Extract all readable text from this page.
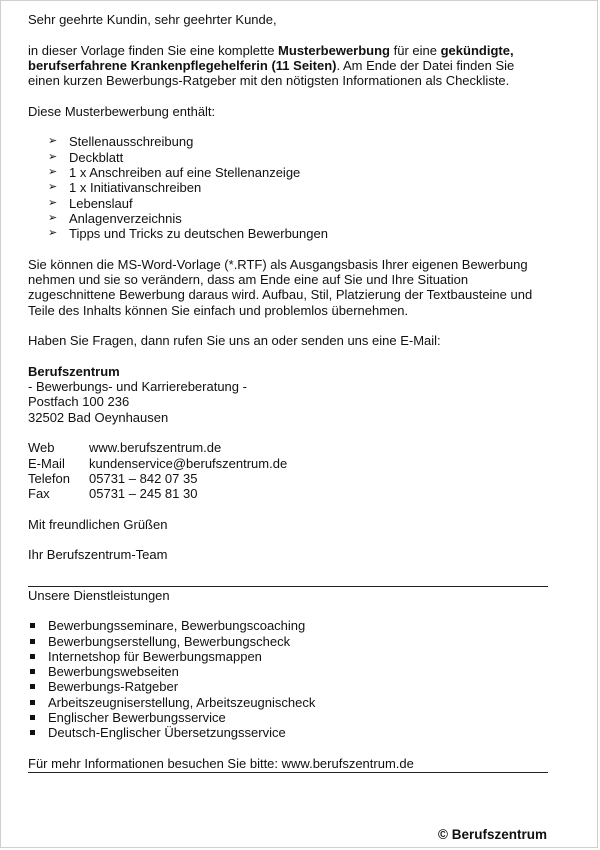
Sehr geehrte Kundin, sehr geehrter Kunde,

in dieser Vorlage finden Sie eine komplette Musterbewerbung für eine gekündigte, berufserfahrene Krankenpflegehelferin (11 Seiten). Am Ende der Datei finden Sie einen kurzen Bewerbungs-Ratgeber mit den nötigsten Informationen als Checkliste.

Diese Musterbewerbung enthält:

➢ Stellenausschreibung
➢ Deckblatt
➢ 1 x Anschreiben auf eine Stellenanzeige
➢ 1 x Initiativanschreiben
➢ Lebenslauf
➢ Anlagenverzeichnis
➢ Tipps und Tricks zu deutschen Bewerbungen

Sie können die MS-Word-Vorlage (*.RTF) als Ausgangsbasis Ihrer eigenen Bewerbung nehmen und sie so verändern, dass am Ende eine auf Sie und Ihre Situation zugeschnittene Bewerbung daraus wird. Aufbau, Stil, Platzierung der Textbausteine und Teile des Inhalts können Sie einfach und problemlos übernehmen.

Haben Sie Fragen, dann rufen Sie uns an oder senden uns eine E-Mail:

Berufszentrum

- Bewerbungs- und Karriereberatung -

Postfach 100 236

32502 Bad Oeynhausen

Web	www.berufszentrum.de
E-Mail	kundenservice@berufszentrum.de
Telefon	05731 – 842 07 35
Fax	05731 – 245 81 30

Mit freundlichen Grüßen

Ihr Berufszentrum-Team

Unsere Dienstleistungen

Bewerbungsseminare, Bewerbungscoaching
Bewerbungserstellung, Bewerbungscheck
Internetshop für Bewerbungsmappen
Bewerbungswebseiten
Bewerbungs-Ratgeber
Arbeitszeugniserstellung, Arbeitszeugnischeck
Englischer Bewerbungsservice
Deutsch-Englischer Übersetzungsservice

Für mehr Informationen besuchen Sie bitte: www.berufszentrum.de

© Berufszentrum
